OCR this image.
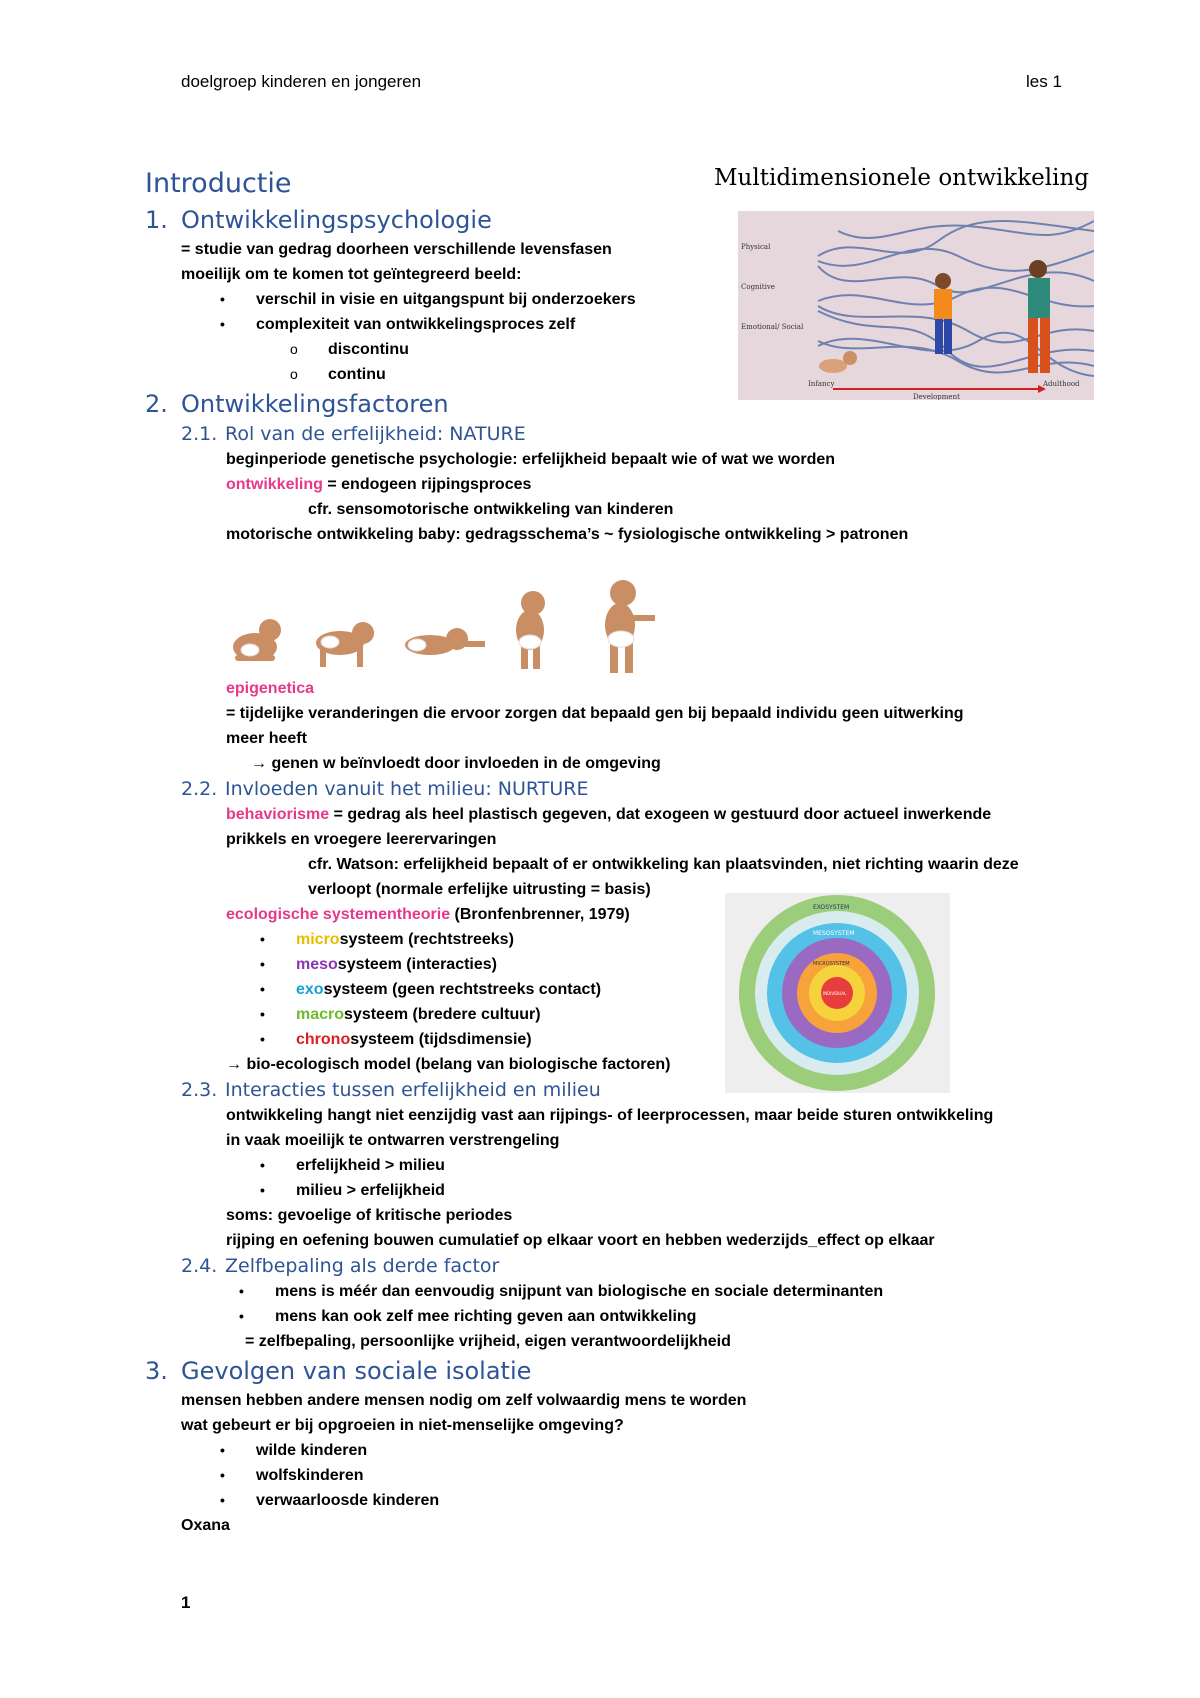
doelgroep kinderen en jongeren	les 1
Multidimensionele ontwikkeling
Physical
Cognitive
Emotional/ Social
Infancy
Development
Adulthood
EXOSYSTEM
MESOSYSTEM
MICROSYSTEM
INDIVIDUAL
Introductie
1. Ontwikkelingspsychologie
= studie van gedrag doorheen verschillende levensfasen
moeilijk om te komen tot geïntegreerd beeld:
•	verschil in visie en uitgangspunt bij onderzoekers
•	complexiteit van ontwikkelingsproces zelf
o	discontinu
o	continu
2. Ontwikkelingsfactoren
2.1. Rol van de erfelijkheid: NATURE
beginperiode genetische psychologie: erfelijkheid bepaalt wie of wat we worden
ontwikkeling = endogeen rijpingsproces
cfr. sensomotorische ontwikkeling van kinderen
motorische ontwikkeling baby: gedragsschema’s ~ fysiologische ontwikkeling > patronen
epigenetica
= tijdelijke veranderingen die ervoor zorgen dat bepaald gen bij bepaald individu geen uitwerking
meer heeft
→ genen w beïnvloedt door invloeden in de omgeving
2.2. Invloeden vanuit het milieu: NURTURE
behaviorisme = gedrag als heel plastisch gegeven, dat exogeen w gestuurd door actueel inwerkende
prikkels en vroegere leerervaringen
cfr. Watson: erfelijkheid bepaalt of er ontwikkeling kan plaatsvinden, niet richting waarin deze
verloopt (normale erfelijke uitrusting = basis)
ecologische systementheorie (Bronfenbrenner, 1979)
•	microsysteem (rechtstreeks)
•	mesosysteem (interacties)
•	exosysteem (geen rechtstreeks contact)
•	macrosysteem (bredere cultuur)
•	chronosysteem (tijdsdimensie)
→ bio-ecologisch model (belang van biologische factoren)
2.3. Interacties tussen erfelijkheid en milieu
ontwikkeling hangt niet eenzijdig vast aan rijpings- of leerprocessen, maar beide sturen ontwikkeling
in vaak moeilijk te ontwarren verstrengeling
•	erfelijkheid > milieu
•	milieu > erfelijkheid
soms: gevoelige of kritische periodes
rijping en oefening bouwen cumulatief op elkaar voort en hebben wederzijds_effect op elkaar
2.4. Zelfbepaling als derde factor
•	mens is méér dan eenvoudig snijpunt van biologische en sociale determinanten
•	mens kan ook zelf mee richting geven aan ontwikkeling
= zelfbepaling, persoonlijke vrijheid, eigen verantwoordelijkheid
3. Gevolgen van sociale isolatie
mensen hebben andere mensen nodig om zelf volwaardig mens te worden
wat gebeurt er bij opgroeien in niet-menselijke omgeving?
•	wilde kinderen
•	wolfskinderen
•	verwaarloosde kinderen
Oxana
1
